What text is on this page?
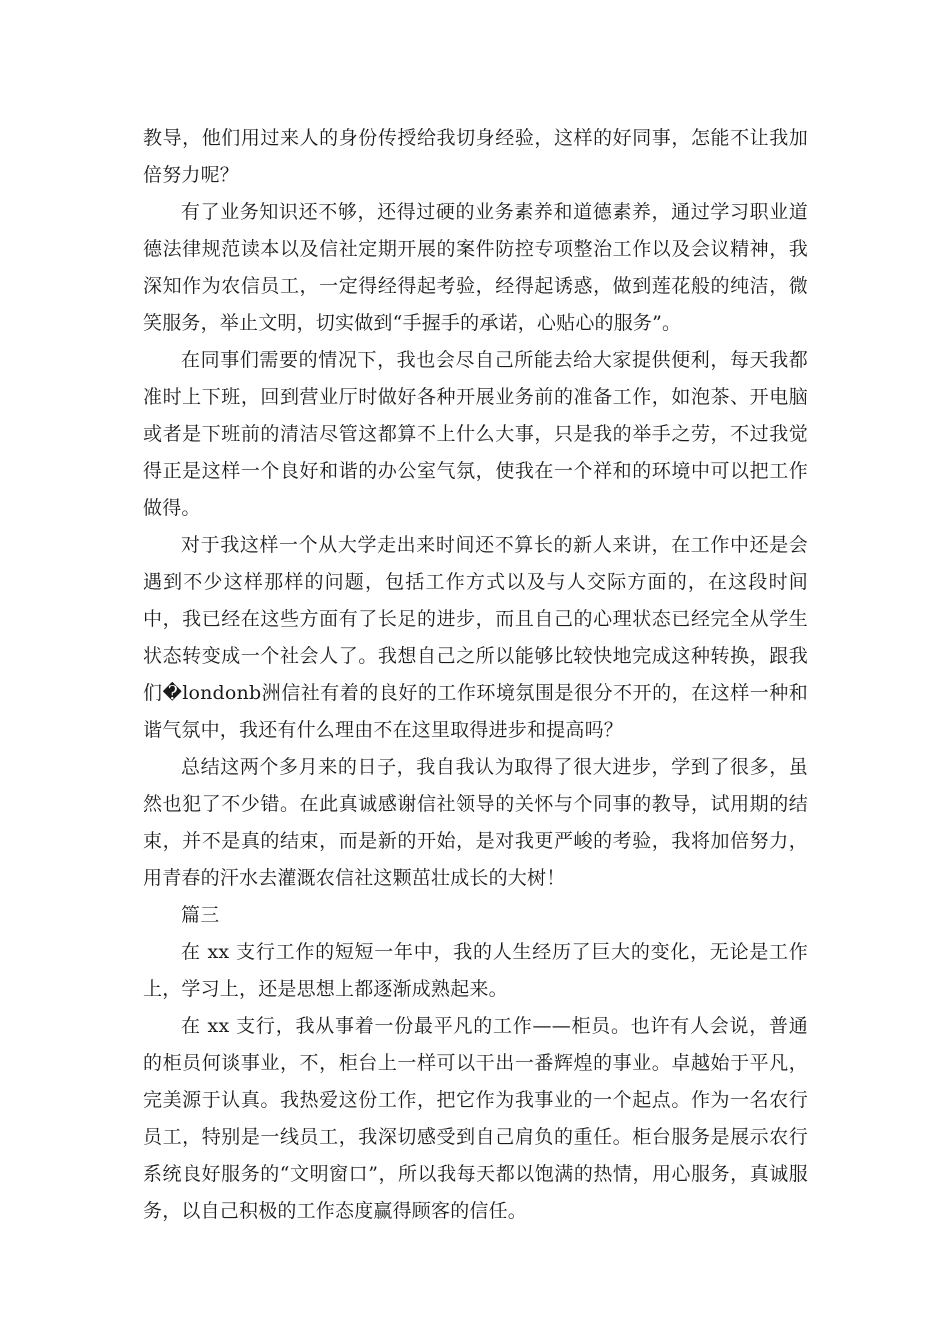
教导，他们用过来人的身份传授给我切身经验，这样的好同事，怎能不让我加倍努力呢？

有了业务知识还不够，还得过硬的业务素养和道德素养，通过学习职业道德法律规范读本以及信社定期开展的案件防控专项整治工作以及会议精神，我深知作为农信员工，一定得经得起考验，经得起诱惑，做到莲花般的纯洁，微笑服务，举止文明，切实做到“手握手的承诺，心贴心的服务”。

在同事们需要的情况下，我也会尽自己所能去给大家提供便利，每天我都准时上下班，回到营业厅时做好各种开展业务前的准备工作，如泡茶、开电脑或者是下班前的清洁尽管这都算不上什么大事，只是我的举手之劳，不过我觉得正是这样一个良好和谐的办公室气氛，使我在一个祥和的环境中可以把工作做得。

对于我这样一个从大学走出来时间还不算长的新人来讲，在工作中还是会遇到不少这样那样的问题，包括工作方式以及与人交际方面的，在这段时间中，我已经在这些方面有了长足的进步，而且自己的心理状态已经完全从学生状态转变成一个社会人了。我想自己之所以能够比较快地完成这种转换，跟我们�londonb洲信社有着的良好的工作环境氛围是很分不开的，在这样一种和谐气氛中，我还有什么理由不在这里取得进步和提高吗？

总结这两个多月来的日子，我自我认为取得了很大进步，学到了很多，虽然也犯了不少错。在此真诚感谢信社领导的关怀与个同事的教导，试用期的结束，并不是真的结束，而是新的开始，是对我更严峻的考验，我将加倍努力，用青春的汗水去灌溉农信社这颗茁壮成长的大树！

篇三

在 xx 支行工作的短短一年中，我的人生经历了巨大的变化，无论是工作上，学习上，还是思想上都逐渐成熟起来。

在 xx 支行，我从事着一份最平凡的工作——柜员。也许有人会说，普通的柜员何谈事业，不，柜台上一样可以干出一番辉煌的事业。卓越始于平凡，完美源于认真。我热爱这份工作，把它作为我事业的一个起点。作为一名农行员工，特别是一线员工，我深切感受到自己肩负的重任。柜台服务是展示农行系统良好服务的“文明窗口”，所以我每天都以饱满的热情，用心服务，真诚服务，以自己积极的工作态度赢得顾客的信任。
